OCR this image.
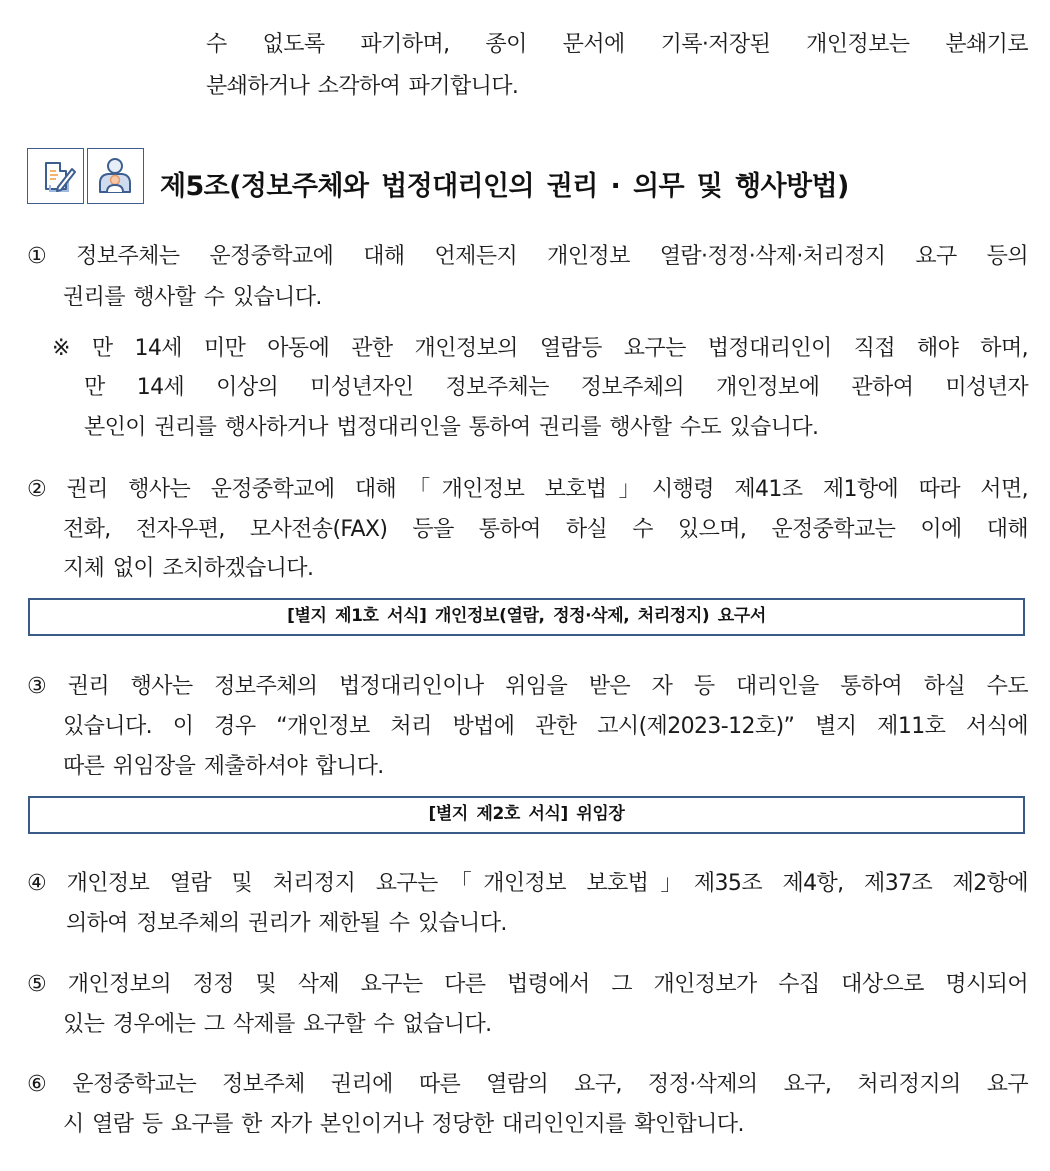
수 없도록 파기하며, 종이 문서에 기록·저장된 개인정보는 분쇄기로
분쇄하거나 소각하여 파기합니다.
제5조(정보주체와 법정대리인의 권리 · 의무 및 행사방법)
① 정보주체는 운정중학교에 대해 언제든지 개인정보 열람·정정·삭제·처리정지 요구 등의
권리를 행사할 수 있습니다.
※ 만 14세 미만 아동에 관한 개인정보의 열람등 요구는 법정대리인이 직접 해야 하며,
만 14세 이상의 미성년자인 정보주체는 정보주체의 개인정보에 관하여 미성년자
본인이 권리를 행사하거나 법정대리인을 통하여 권리를 행사할 수도 있습니다.
② 권리 행사는 운정중학교에 대해「개인정보 보호법」시행령 제41조 제1항에 따라 서면,
전화, 전자우편, 모사전송(FAX) 등을 통하여 하실 수 있으며, 운정중학교는 이에 대해
지체 없이 조치하겠습니다.
[별지 제1호 서식] 개인정보(열람, 정정·삭제, 처리정지) 요구서
③ 권리 행사는 정보주체의 법정대리인이나 위임을 받은 자 등 대리인을 통하여 하실 수도
있습니다. 이 경우 “개인정보 처리 방법에 관한 고시(제2023-12호)” 별지 제11호 서식에
따른 위임장을 제출하셔야 합니다.
[별지 제2호 서식] 위임장
④ 개인정보 열람 및 처리정지 요구는「개인정보 보호법」제35조 제4항, 제37조 제2항에
의하여 정보주체의 권리가 제한될 수 있습니다.
⑤ 개인정보의 정정 및 삭제 요구는 다른 법령에서 그 개인정보가 수집 대상으로 명시되어
있는 경우에는 그 삭제를 요구할 수 없습니다.
⑥ 운정중학교는 정보주체 권리에 따른 열람의 요구, 정정·삭제의 요구, 처리정지의 요구
시 열람 등 요구를 한 자가 본인이거나 정당한 대리인인지를 확인합니다.
